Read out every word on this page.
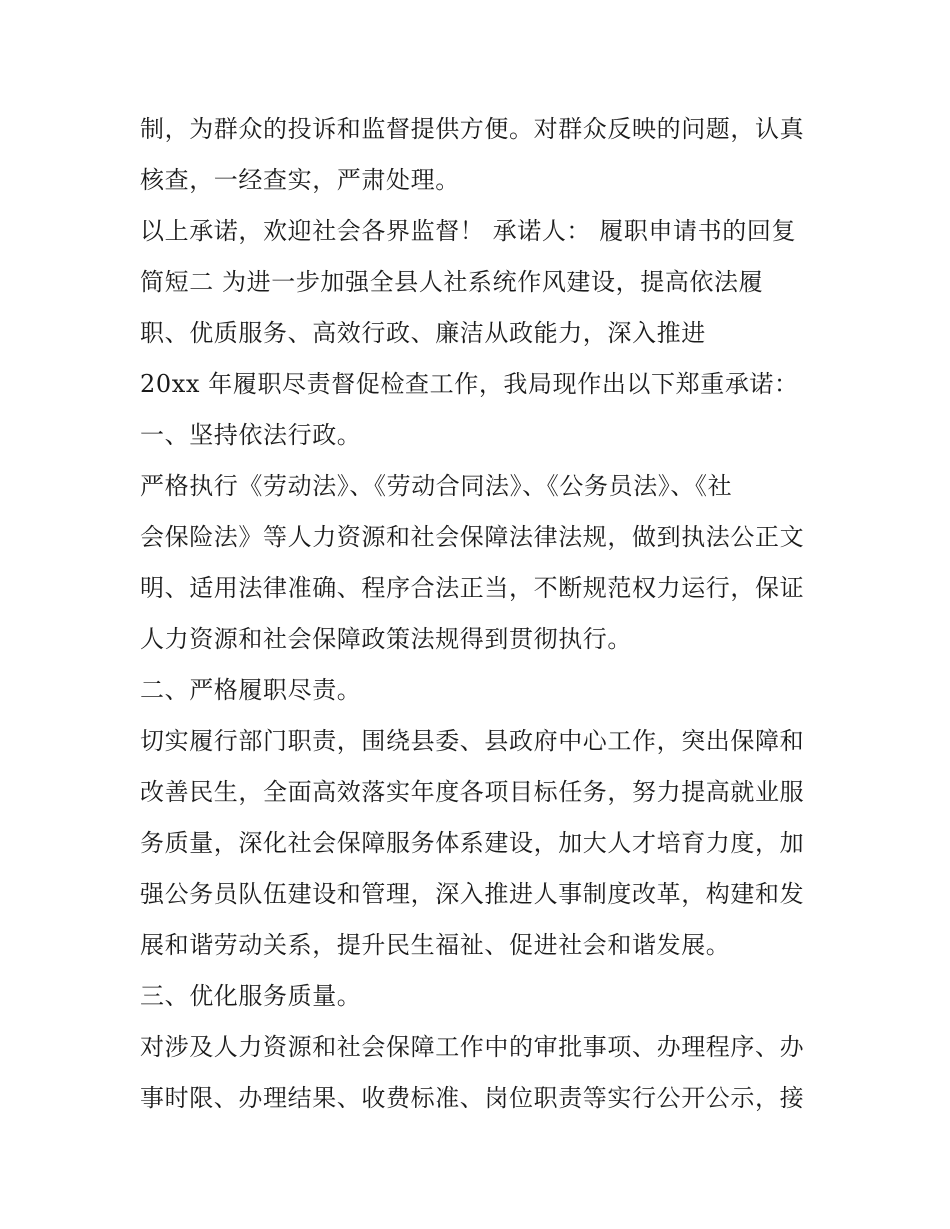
制，为群众的投诉和监督提供方便。对群众反映的问题，认真
核查，一经查实，严肃处理。
以上承诺，欢迎社会各界监督！ 承诺人： 履职申请书的回复
简短二 为进一步加强全县人社系统作风建设，提高依法履
职、优质服务、高效行政、廉洁从政能力，深入推进
20xx 年履职尽责督促检查工作，我局现作出以下郑重承诺：
一、坚持依法行政。
严格执行《劳动法》、《劳动合同法》、《公务员法》、《社
会保险法》等人力资源和社会保障法律法规，做到执法公正文
明、适用法律准确、程序合法正当，不断规范权力运行，保证
人力资源和社会保障政策法规得到贯彻执行。
二、严格履职尽责。
切实履行部门职责，围绕县委、县政府中心工作，突出保障和
改善民生，全面高效落实年度各项目标任务，努力提高就业服
务质量，深化社会保障服务体系建设，加大人才培育力度，加
强公务员队伍建设和管理，深入推进人事制度改革，构建和发
展和谐劳动关系，提升民生福祉、促进社会和谐发展。
三、优化服务质量。
对涉及人力资源和社会保障工作中的审批事项、办理程序、办
事时限、办理结果、收费标准、岗位职责等实行公开公示，接
